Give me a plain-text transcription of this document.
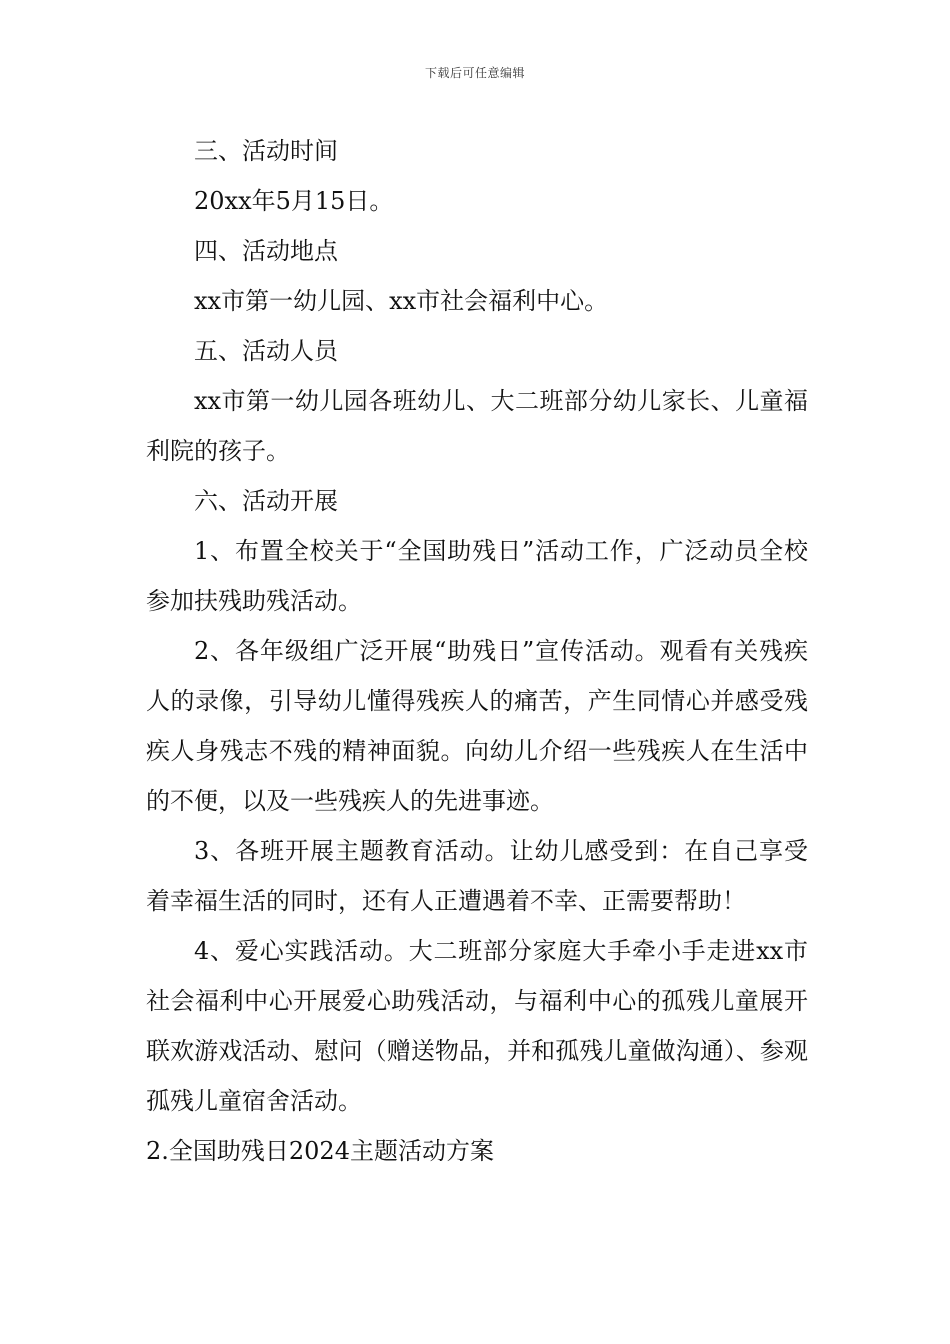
下载后可任意编辑

三、活动时间

20xx年5月15日。

四、活动地点

xx市第一幼儿园、xx市社会福利中心。

五、活动人员

xx市第一幼儿园各班幼儿、大二班部分幼儿家长、儿童福利院的孩子。

六、活动开展

1、布置全校关于“全国助残日”活动工作，广泛动员全校参加扶残助残活动。

2、各年级组广泛开展“助残日”宣传活动。观看有关残疾人的录像，引导幼儿懂得残疾人的痛苦，产生同情心并感受残疾人身残志不残的精神面貌。向幼儿介绍一些残疾人在生活中的不便，以及一些残疾人的先进事迹。

3、各班开展主题教育活动。让幼儿感受到：在自己享受着幸福生活的同时，还有人正遭遇着不幸、正需要帮助！

4、爱心实践活动。大二班部分家庭大手牵小手走进xx市社会福利中心开展爱心助残活动，与福利中心的孤残儿童展开联欢游戏活动、慰问（赠送物品，并和孤残儿童做沟通）、参观孤残儿童宿舍活动。

2.全国助残日2024主题活动方案
